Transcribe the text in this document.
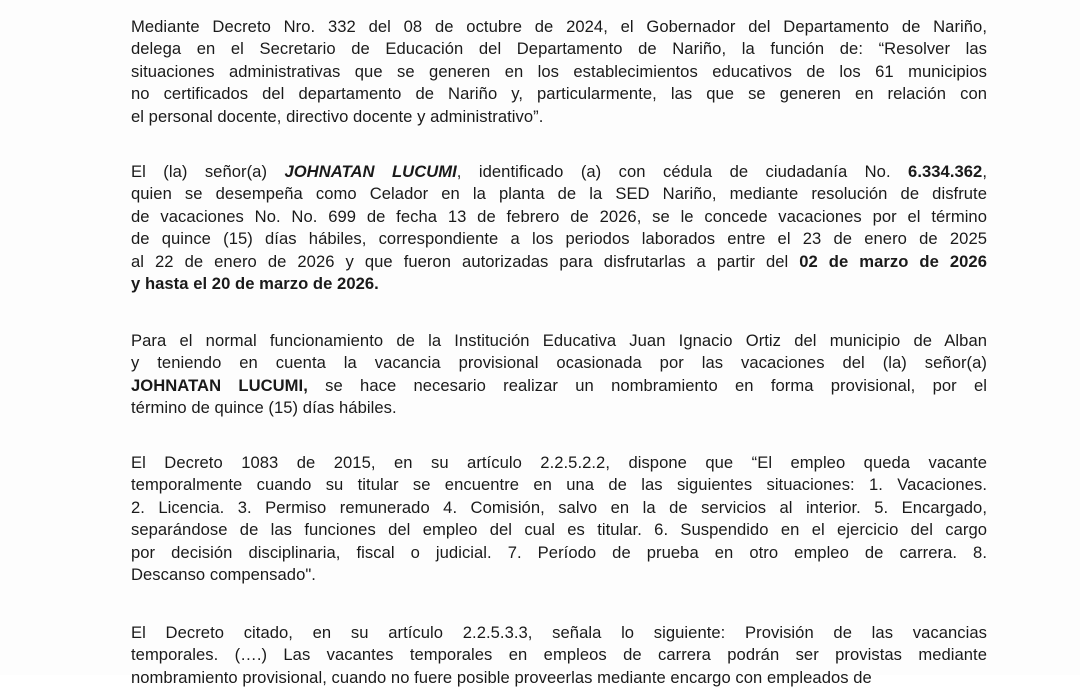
Mediante Decreto Nro. 332 del 08 de octubre de 2024, el Gobernador del Departamento de Nariño,
delega en el Secretario de Educación del Departamento de Nariño, la función de: “Resolver las
situaciones administrativas que se generen en los establecimientos educativos de los 61 municipios
no certificados del departamento de Nariño y, particularmente, las que se generen en relación con
el personal docente, directivo docente y administrativo”.

El (la) señor(a) JOHNATAN LUCUMI, identificado (a) con cédula de ciudadanía No. 6.334.362,
quien se desempeña como Celador en la planta de la SED Nariño, mediante resolución de disfrute
de vacaciones No. No. 699 de fecha 13 de febrero de 2026, se le concede vacaciones por el término
de quince (15) días hábiles, correspondiente a los periodos laborados entre el 23 de enero de 2025
al 22 de enero de 2026 y que fueron autorizadas para disfrutarlas a partir del 02 de marzo de 2026
y hasta el 20 de marzo de 2026.

Para el normal funcionamiento de la Institución Educativa Juan Ignacio Ortiz del municipio de Alban
y teniendo en cuenta la vacancia provisional ocasionada por las vacaciones del (la) señor(a)
JOHNATAN LUCUMI, se hace necesario realizar un nombramiento en forma provisional, por el
término de quince (15) días hábiles.

El Decreto 1083 de 2015, en su artículo 2.2.5.2.2, dispone que “El empleo queda vacante
temporalmente cuando su titular se encuentre en una de las siguientes situaciones: 1. Vacaciones.
2. Licencia. 3. Permiso remunerado 4. Comisión, salvo en la de servicios al interior. 5. Encargado,
separándose de las funciones del empleo del cual es titular. 6. Suspendido en el ejercicio del cargo
por decisión disciplinaria, fiscal o judicial. 7. Período de prueba en otro empleo de carrera. 8.
Descanso compensado".

El Decreto citado, en su artículo 2.2.5.3.3, señala lo siguiente: Provisión de las vacancias
temporales. (….) Las vacantes temporales en empleos de carrera podrán ser provistas mediante
nombramiento provisional, cuando no fuere posible proveerlas mediante encargo con empleados de
